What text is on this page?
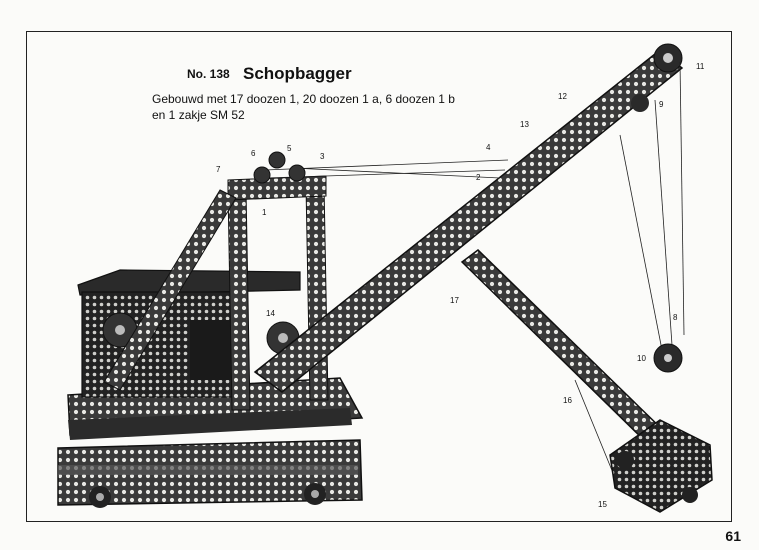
No. 138 Schopbagger
Gebouwd met 17 doozen 1, 20 doozen 1 a, 6 doozen 1 b
en 1 zakje SM 52
1
2
3
4
5
6
7
8
9
10
11
12
13
14
15
16
17
61
